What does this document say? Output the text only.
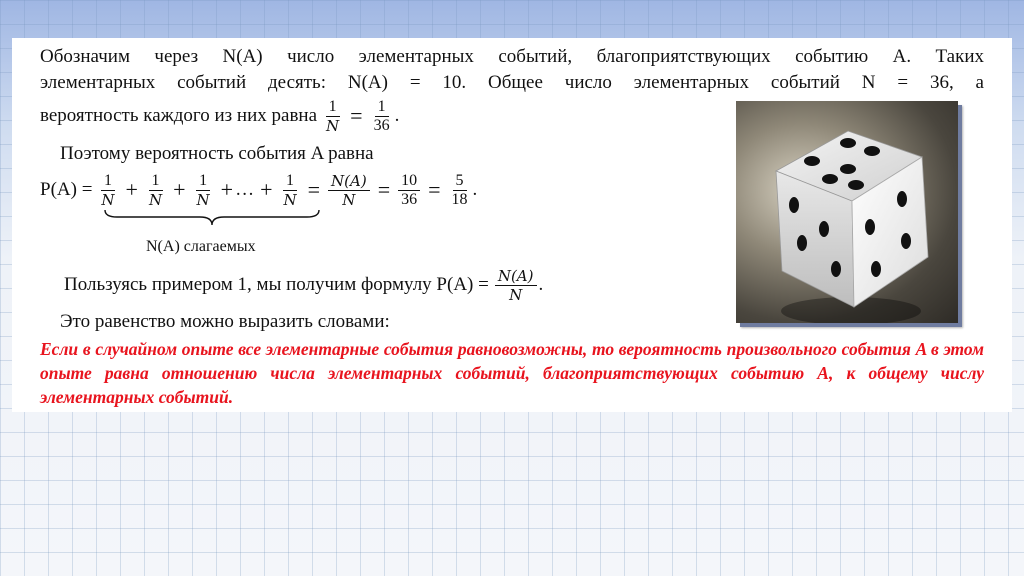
Обозначим через N(A) число элементарных событий, благоприятствующих событию A. Таких
элементарных событий десять: N(A) = 10. Общее число элементарных событий N = 36, а
вероятность каждого из них равна $\frac{1}{N} = \frac{1}{36}$ .
Поэтому вероятность события A равна
$P(A) = \frac{1}{N} + \frac{1}{N} + \frac{1}{N}$ + … + $\frac{1}{N} = \frac{N(A)}{N} = \frac{10}{36} = \frac{5}{18}$ .
N(A) слагаемых
Пользуясь примером 1, мы получим формулу $P(A) = \frac{N(A)}{N}$ .
Это равенство можно выразить словами:
Если в случайном опыте все элементарные события равновозможны, то вероятность произвольного события A в этом опыте равна отношению числа элементарных событий, благоприятствующих событию A, к общему числу элементарных событий.
